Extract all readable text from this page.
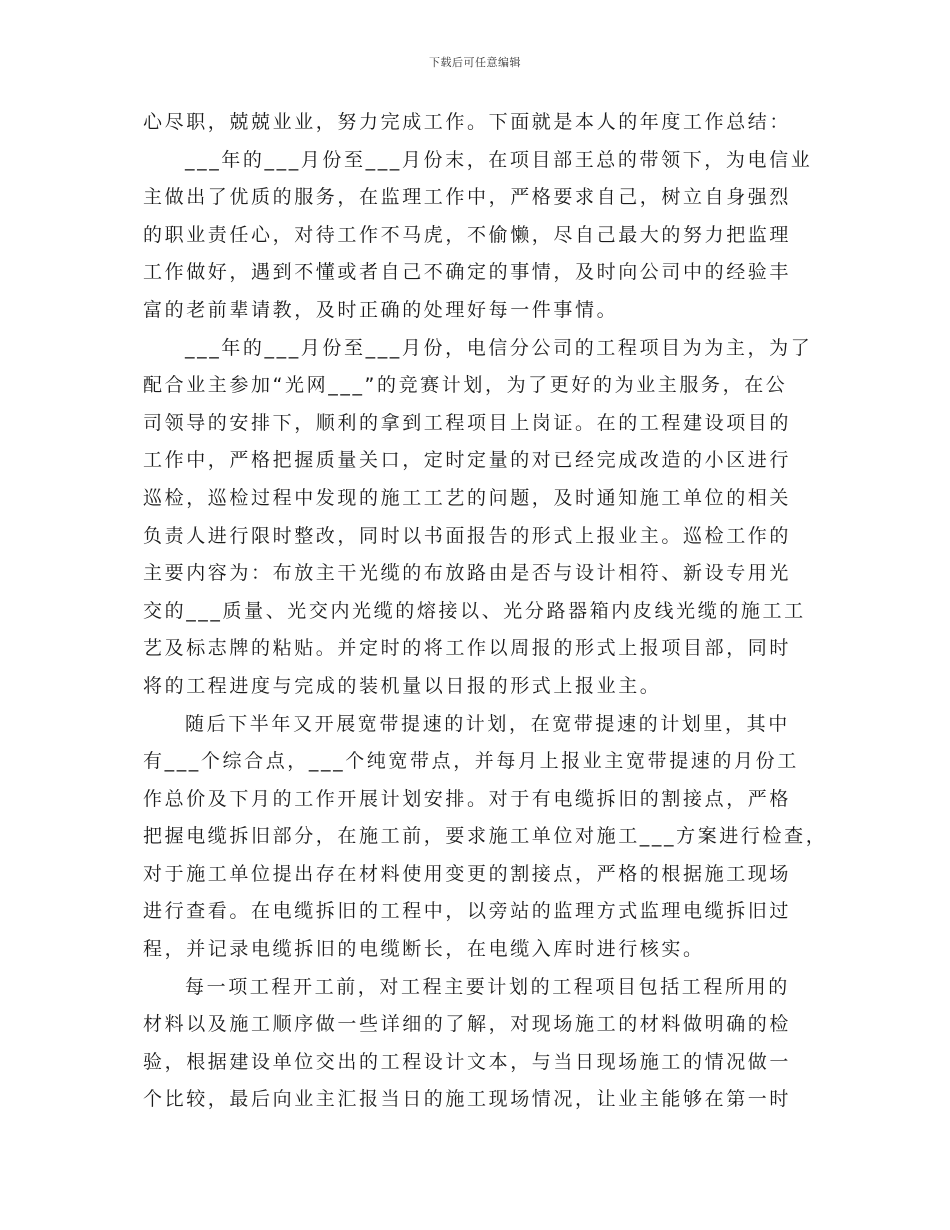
下载后可任意编辑
心尽职，兢兢业业，努力完成工作。下面就是本人的年度工作总结：
___年的___月份至___月份末，在项目部王总的带领下，为电信业
主做出了优质的服务，在监理工作中，严格要求自己，树立自身强烈
的职业责任心，对待工作不马虎，不偷懒，尽自己最大的努力把监理
工作做好，遇到不懂或者自己不确定的事情，及时向公司中的经验丰
富的老前辈请教，及时正确的处理好每一件事情。
___年的___月份至___月份，电信分公司的工程项目为为主，为了
配合业主参加“光网___”的竞赛计划，为了更好的为业主服务，在公
司领导的安排下，顺利的拿到工程项目上岗证。在的工程建设项目的
工作中，严格把握质量关口，定时定量的对已经完成改造的小区进行
巡检，巡检过程中发现的施工工艺的问题，及时通知施工单位的相关
负责人进行限时整改，同时以书面报告的形式上报业主。巡检工作的
主要内容为：布放主干光缆的布放路由是否与设计相符、新设专用光
交的___质量、光交内光缆的熔接以、光分路器箱内皮线光缆的施工工
艺及标志牌的粘贴。并定时的将工作以周报的形式上报项目部，同时
将的工程进度与完成的装机量以日报的形式上报业主。
随后下半年又开展宽带提速的计划，在宽带提速的计划里，其中
有___个综合点，___个纯宽带点，并每月上报业主宽带提速的月份工
作总价及下月的工作开展计划安排。对于有电缆拆旧的割接点，严格
把握电缆拆旧部分，在施工前，要求施工单位对施工___方案进行检查，
对于施工单位提出存在材料使用变更的割接点，严格的根据施工现场
进行查看。在电缆拆旧的工程中，以旁站的监理方式监理电缆拆旧过
程，并记录电缆拆旧的电缆断长，在电缆入库时进行核实。
每一项工程开工前，对工程主要计划的工程项目包括工程所用的
材料以及施工顺序做一些详细的了解，对现场施工的材料做明确的检
验，根据建设单位交出的工程设计文本，与当日现场施工的情况做一
个比较，最后向业主汇报当日的施工现场情况，让业主能够在第一时
